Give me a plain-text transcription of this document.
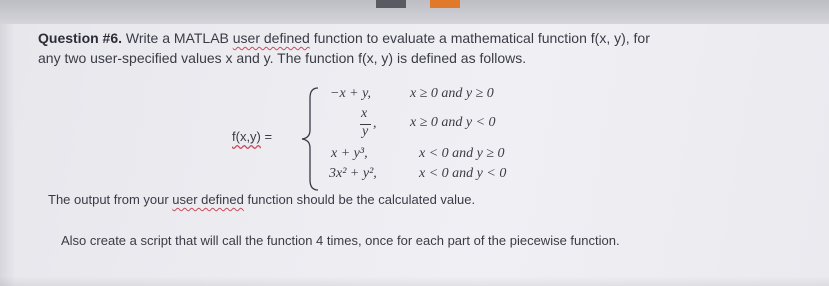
Question #6. Write a MATLAB user defined function to evaluate a mathematical function f(x, y), for
any two user-specified values x and y. The function f(x, y) is defined as follows.
f(x,y) =
−x + y,
x
y
,
x + y³,
3x² + y²,
x ≥ 0 and y ≥ 0
x ≥ 0 and y < 0
x < 0 and y ≥ 0
x < 0 and y < 0
The output from your user defined function should be the calculated value.
Also create a script that will call the function 4 times, once for each part of the piecewise function.
